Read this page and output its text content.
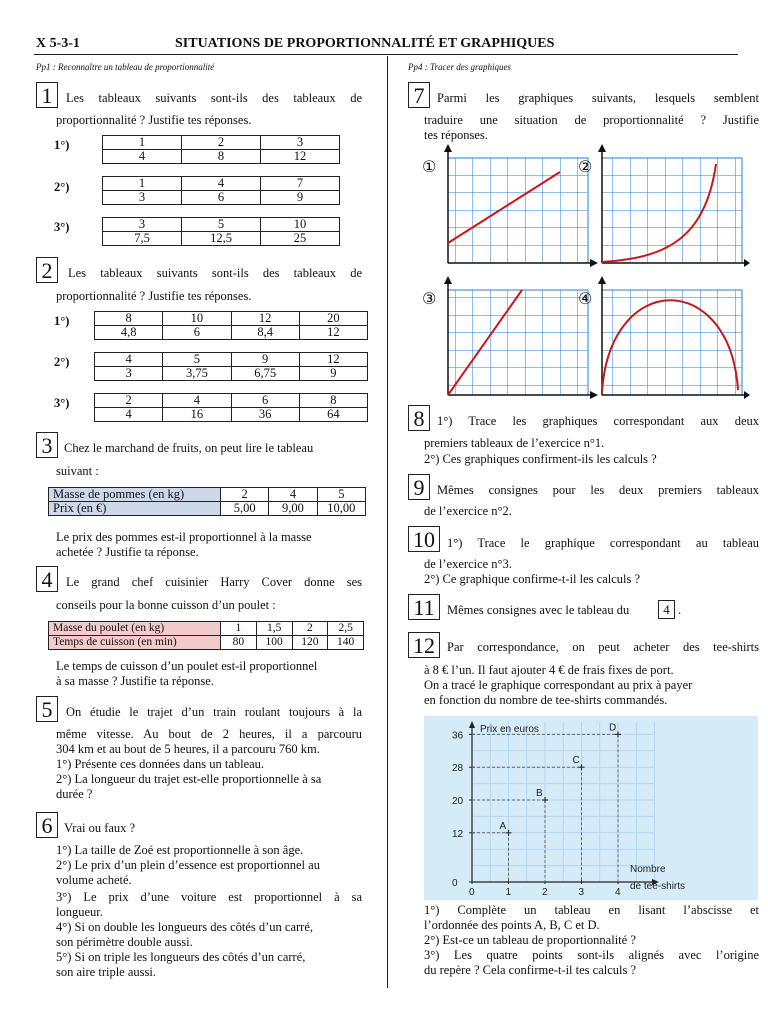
X 5-3-1	SITUATIONS DE PROPORTIONNALITÉ ET GRAPHIQUES
Pp1 : Reconnaître un tableau de proportionnalité
1	Les tableaux suivants sont-ils des tableaux de
proportionnalité ? Justifie tes réponses.
1°)	1	2	3
4	8	12
2°)	1	4	7
3	6	9
3°)	3	5	10
7,5	12,5	25
2	Les tableaux suivants sont-ils des tableaux de
proportionnalité ? Justifie tes réponses.
1°)	8	10	12	20
4,8	6	8,4	12
2°)	4	5	9	12
3	3,75	6,75	9
3°)	2	4	6	8
4	16	36	64
3 Chez le marchand de fruits, on peut lire le tableau
suivant :
Masse de pommes (en kg)	2	4	5
Prix (en €)	5,00	9,00	10,00
Le prix des pommes est-il proportionnel à la masse
achetée ? Justifie ta réponse.
4	Le grand chef cuisinier Harry Cover donne ses
conseils pour la bonne cuisson d’un poulet :
Masse du poulet (en kg)	1	1,5	2	2,5
Temps de cuisson (en min)	80	100	120	140
Le temps de cuisson d’un poulet est-il proportionnel
à sa masse ? Justifie ta réponse.
5	On étudie le trajet d’un train roulant toujours à la
même vitesse. Au bout de 2 heures, il a parcouru
304 km et au bout de 5 heures, il a parcouru 760 km.
1°) Présente ces données dans un tableau.
2°) La longueur du trajet est-elle proportionnelle à sa
durée ?
6 Vrai ou faux ?
1°) La taille de Zoé est proportionnelle à son âge.
2°) Le prix d’un plein d’essence est proportionnel au
volume acheté.
3°) Le prix d’une voiture est proportionnel à sa
longueur.
4°) Si on double les longueurs des côtés d’un carré,
son périmètre double aussi.
5°) Si on triple les longueurs des côtés d’un carré,
son aire triple aussi.
Pp4 : Tracer des graphiques
7	Parmi les graphiques suivants, lesquels semblent
traduire une situation de proportionnalité ? Justifie
tes réponses.
①	②
③	④
8	1°) Trace les graphiques correspondant aux deux
premiers tableaux de l’exercice n°1.
2°) Ces graphiques confirment-ils les calculs ?
9	Mêmes consignes pour les deux premiers tableaux
de l’exercice n°2.
10 1°) Trace le graphique correspondant au tableau
de l’exercice n°3.
2°) Ce graphique confirme-t-il les calculs ?
11 Mêmes consignes avec le tableau du	4 .
12 Par correspondance, on peut acheter des tee-shirts
à 8 € l’un. Il faut ajouter 4 € de frais fixes de port.
On a tracé le graphique correspondant au prix à payer
en fonction du nombre de tee-shirts commandés.
Prix en euros
Nombre
de tee-shirts
0	1	2	3	4
36
28
20
12
0
A
B
C
D
1°) Complète un tableau en lisant l’abscisse et
l’ordonnée des points A, B, C et D.
2°) Est-ce un tableau de proportionnalité ?
3°) Les quatre points sont-ils alignés avec l’origine
du repère ? Cela confirme-t-il tes calculs ?
